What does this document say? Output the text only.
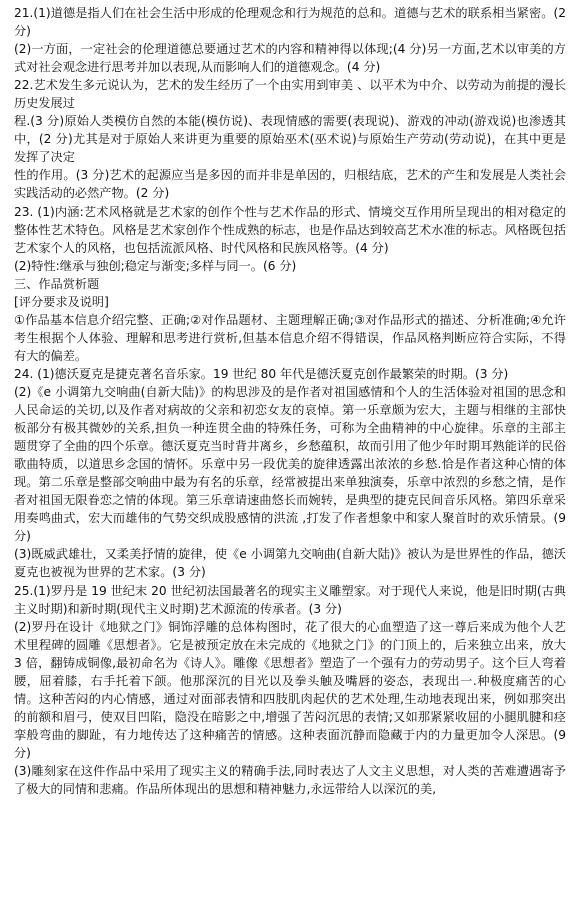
21.(1)道德是指人们在社会生活中形成的伦理观念和行为规范的总和。道德与艺术的联系相当紧密。(2 分)

(2)一方面，一定社会的伦理道德总要通过艺术的内容和精神得以体现;(4 分)另一方面,艺术以审美的方式对社会观念进行思考并加以表现,从而影响人们的道德观念。(4 分)

22.艺术发生多元说认为，艺术的发生经历了一个由实用到审美 、以平术为中介、以劳动为前提的漫长历史发展过

程.(3 分)原始人类模仿自然的本能(模仿说)、表现情感的需要(表现说)、游戏的冲动(游戏说)也渗透其中，(2 分)尤其是对于原始人来讲更为重要的原始巫术(巫术说)与原始生产劳动(劳动说)，在其中更是发挥了决定

性的作用。(3 分)艺术的起源应当是多因的而并非是单因的，归根结底，艺术的产生和发展是人类社会实践活动的必然产物。(2 分)

23. (1)内涵:艺术风格就是艺术家的创作个性与艺术作品的形式、情境交互作用所呈现出的相对稳定的整体性艺术特色。风格是艺术家创作个性成熟的标志，也是作品达到较高艺术水准的标志。风格既包括艺术家个人的风格，也包括流派风格、时代风格和民族风格等。(4 分)

(2)特性:继承与独创;稳定与渐变;多样与同一。(6 分)

三、作品赏析题

[评分要求及说明]

①作品基本信息介绍完整、正确;②对作品题材、主题理解正确;③对作品形式的描述、分析准确;④允许考生根据个人体验、理解和思考进行赏析,但基本信息介绍不得错误，作品风格判断应符合实际，不得有大的偏差。

24. (1)德沃夏克是捷克著名音乐家。19 世纪 80 年代是德沃夏克创作最繁荣的时期。(3 分)

(2)《e 小调第九交响曲(自新大陆)》的构思涉及的是作者对祖国感情和个人的生活体验对祖国的思念和人民命运的关切,以及作者对病故的父亲和初恋女友的哀悼。第一乐章颇为宏大，主题与相继的主部快板部分有极其微妙的关系,担负一种连贯全曲的特殊任务，可称为全曲精神的中心旋律。乐章的主部主题贯穿了全曲的四个乐章。德沃夏克当时背井离乡，乡愁蕴积，故而引用了他少年时期耳熟能详的民俗歌曲特质，以道思乡念国的情怀。乐章中另一段优美的旋律透露出浓浓的乡愁.恰是作者这种心情的体现。第二乐章是整部交响曲中最为有名的乐章，经常被提出来单独演奏，乐章中浓烈的乡愁之情，是作者对祖国无限眷恋之情的体现。第三乐章请速曲悠长而婉转，是典型的捷克民间音乐风格。第四乐章采用奏鸣曲式，宏大而雄伟的气势交织成股感情的洪流 ,打发了作者想象中和家人聚首时的欢乐情景。(9 分)

(3)既威武雄壮，又柔美抒情的旋律，使《e 小调第九交响曲(自新大陆)》被认为是世界性的作品，德沃夏克也被视为世界的艺术家。(3 分)

25.(1)罗丹是 19 世纪末 20 世纪初法国最著名的现实主义雕塑家。对于现代人来说，他是旧时期(古典主义时期)和新时期(现代主义时期)艺术源流的传承者。(3 分)

(2)罗丹在设计《地狱之门》铜饰浮雕的总体构图时，花了很大的心血塑造了这一尊后来成为他个人艺术里程碑的圆雕《思想者》。它是被预定放在未完成的《地狱之门》的门顶上的，后来独立出来，放大 3 倍，翻铸成铜像,最初命名为《诗人》。雕像《思想者》塑造了一个强有力的劳动男子。这个巨人弯着腰，屈着膝，右手托着下颌。他那深沉的目光以及拳头触及嘴唇的姿态，表现出一.种极度痛苦的心情。这种苦闷的内心情感，通过对面部表情和四肢肌肉起伏的艺术处理,生动地表现出来，例如那突出的前额和眉弓，使双目凹陷，隐没在暗影之中,增强了苦闷沉思的表情;又如那紧紧收屈的小腿肌腱和痉挛般弯曲的脚趾，有力地传达了这种痛苦的情感。这种表面沉静而隐藏于内的力量更加令人深思。(9 分)

(3)雕刻家在这件作品中采用了现实主义的精确手法,同时表达了人文主义思想，对人类的苦难遭遇寄予了极大的同情和悲痛。作品所体现出的思想和精神魅力,永远带给人以深沉的美,
